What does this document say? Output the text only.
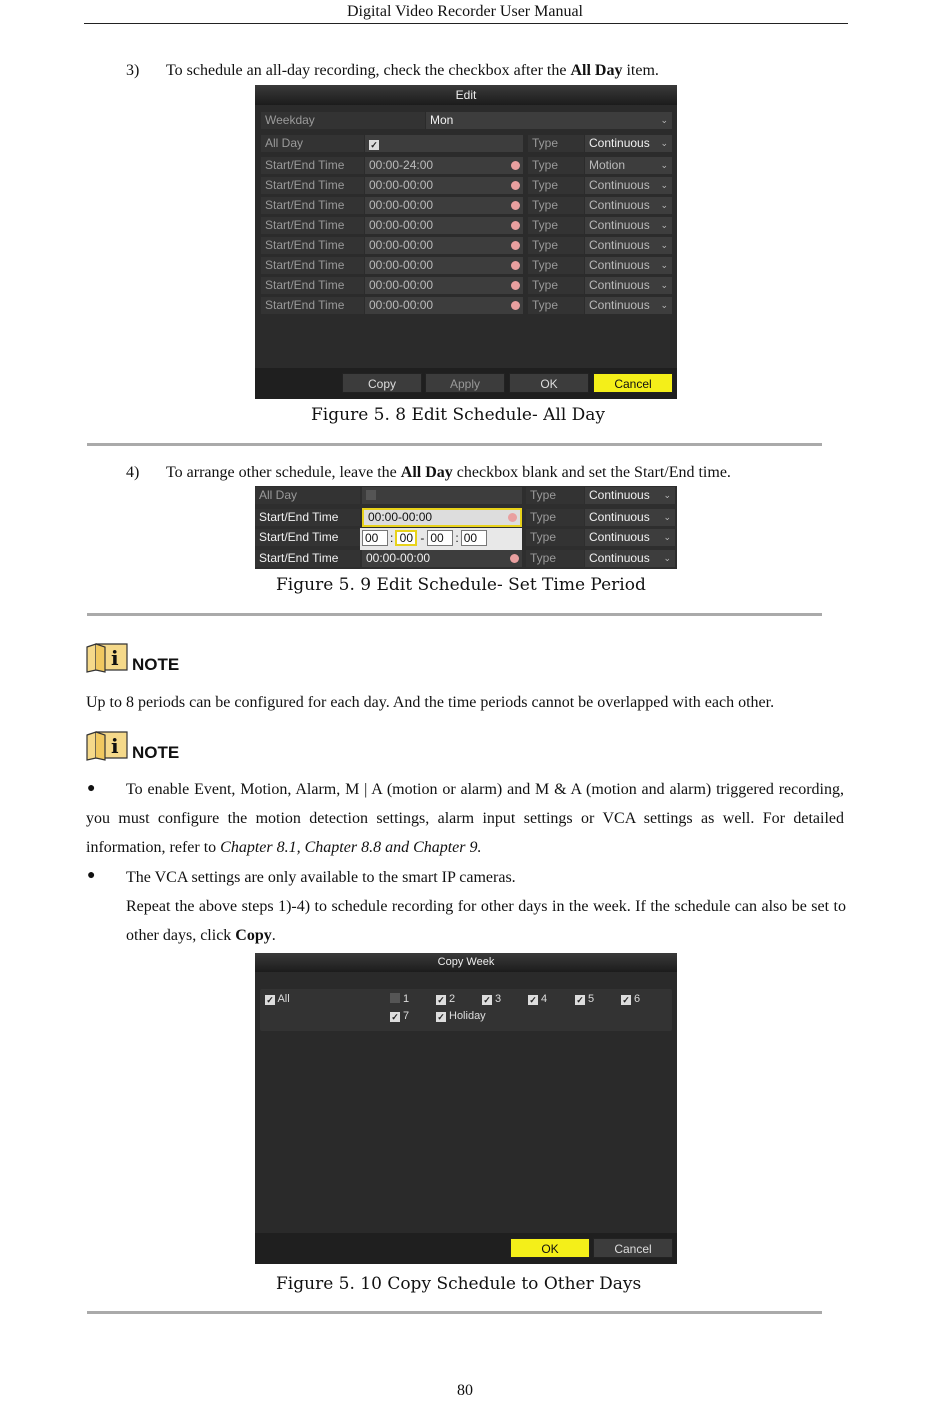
Digital Video Recorder User Manual
3) To schedule an all-day recording, check the checkbox after the All Day item.
Edit
Weekday	Mon	⌄
All Day	✓	Type	Continuous ⌄
Start/End Time	00:00-24:00	Type	Motion	⌄
Start/End Time	00:00-00:00	Type	Continuous ⌄
Start/End Time	00:00-00:00	Type	Continuous ⌄
Start/End Time	00:00-00:00	Type	Continuous ⌄
Start/End Time	00:00-00:00	Type	Continuous ⌄
Start/End Time	00:00-00:00	Type	Continuous ⌄
Start/End Time	00:00-00:00	Type	Continuous ⌄
Start/End Time	00:00-00:00	Type	Continuous ⌄
Copy	Apply	OK	Cancel
Figure 5. 8 Edit Schedule- All Day
4) To arrange other schedule, leave the All Day checkbox blank and set the Start/End time.
All Day	Type	Continuous ⌄
Start/End Time	00:00-00:00	Type	Continuous ⌄
Start/End Time	00 : 00 - 00 : 00	Type	Continuous ⌄
Start/End Time	00:00-00:00	Type	Continuous ⌄
Figure 5. 9 Edit Schedule- Set Time Period
i NOTE
Up to 8 periods can be configured for each day. And the time periods cannot be overlapped with each other.
i NOTE
●	To enable Event, Motion, Alarm, M | A (motion or alarm) and M & A (motion and alarm) triggered recording, you must configure the motion detection settings, alarm input settings or VCA settings as well. For detailed information, refer to Chapter 8.1, Chapter 8.8 and Chapter 9.
● The VCA settings are only available to the smart IP cameras.
Repeat the above steps 1)-4) to schedule recording for other days in the week. If the schedule can also be set to other days, click Copy.
Copy Week
✓ All	1	✓ 2	✓ 3	✓ 4	✓ 5	✓ 6
✓ 7	✓ Holiday
OK	Cancel
Figure 5. 10 Copy Schedule to Other Days
80
